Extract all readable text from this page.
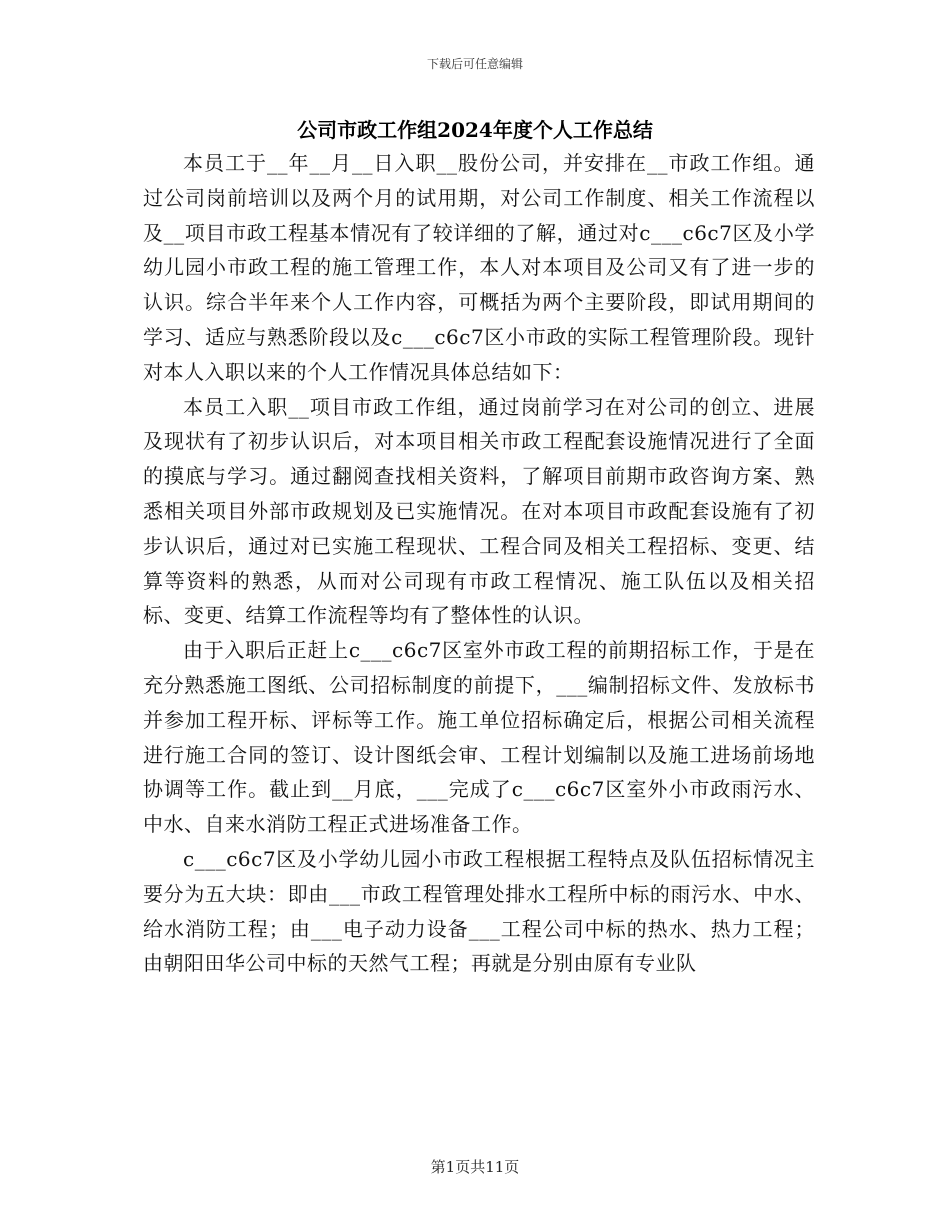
下载后可任意编辑
公司市政工作组2024年度个人工作总结

本员工于__年__月__日入职__股份公司，并安排在__市政工作组。通过公司岗前培训以及两个月的试用期，对公司工作制度、相关工作流程以及__项目市政工程基本情况有了较详细的了解，通过对c___c6c7区及小学幼儿园小市政工程的施工管理工作，本人对本项目及公司又有了进一步的认识。综合半年来个人工作内容，可概括为两个主要阶段，即试用期间的学习、适应与熟悉阶段以及c___c6c7区小市政的实际工程管理阶段。现针对本人入职以来的个人工作情况具体总结如下：

本员工入职__项目市政工作组，通过岗前学习在对公司的创立、进展及现状有了初步认识后，对本项目相关市政工程配套设施情况进行了全面的摸底与学习。通过翻阅查找相关资料，了解项目前期市政咨询方案、熟悉相关项目外部市政规划及已实施情况。在对本项目市政配套设施有了初步认识后，通过对已实施工程现状、工程合同及相关工程招标、变更、结算等资料的熟悉，从而对公司现有市政工程情况、施工队伍以及相关招标、变更、结算工作流程等均有了整体性的认识。

由于入职后正赶上c___c6c7区室外市政工程的前期招标工作，于是在充分熟悉施工图纸、公司招标制度的前提下，___编制招标文件、发放标书并参加工程开标、评标等工作。施工单位招标确定后，根据公司相关流程进行施工合同的签订、设计图纸会审、工程计划编制以及施工进场前场地协调等工作。截止到__月底，___完成了c___c6c7区室外小市政雨污水、中水、自来水消防工程正式进场准备工作。

c___c6c7区及小学幼儿园小市政工程根据工程特点及队伍招标情况主要分为五大块：即由___市政工程管理处排水工程所中标的雨污水、中水、给水消防工程；由___电子动力设备___工程公司中标的热水、热力工程；由朝阳田华公司中标的天然气工程；再就是分别由原有专业队

第1页共11页
